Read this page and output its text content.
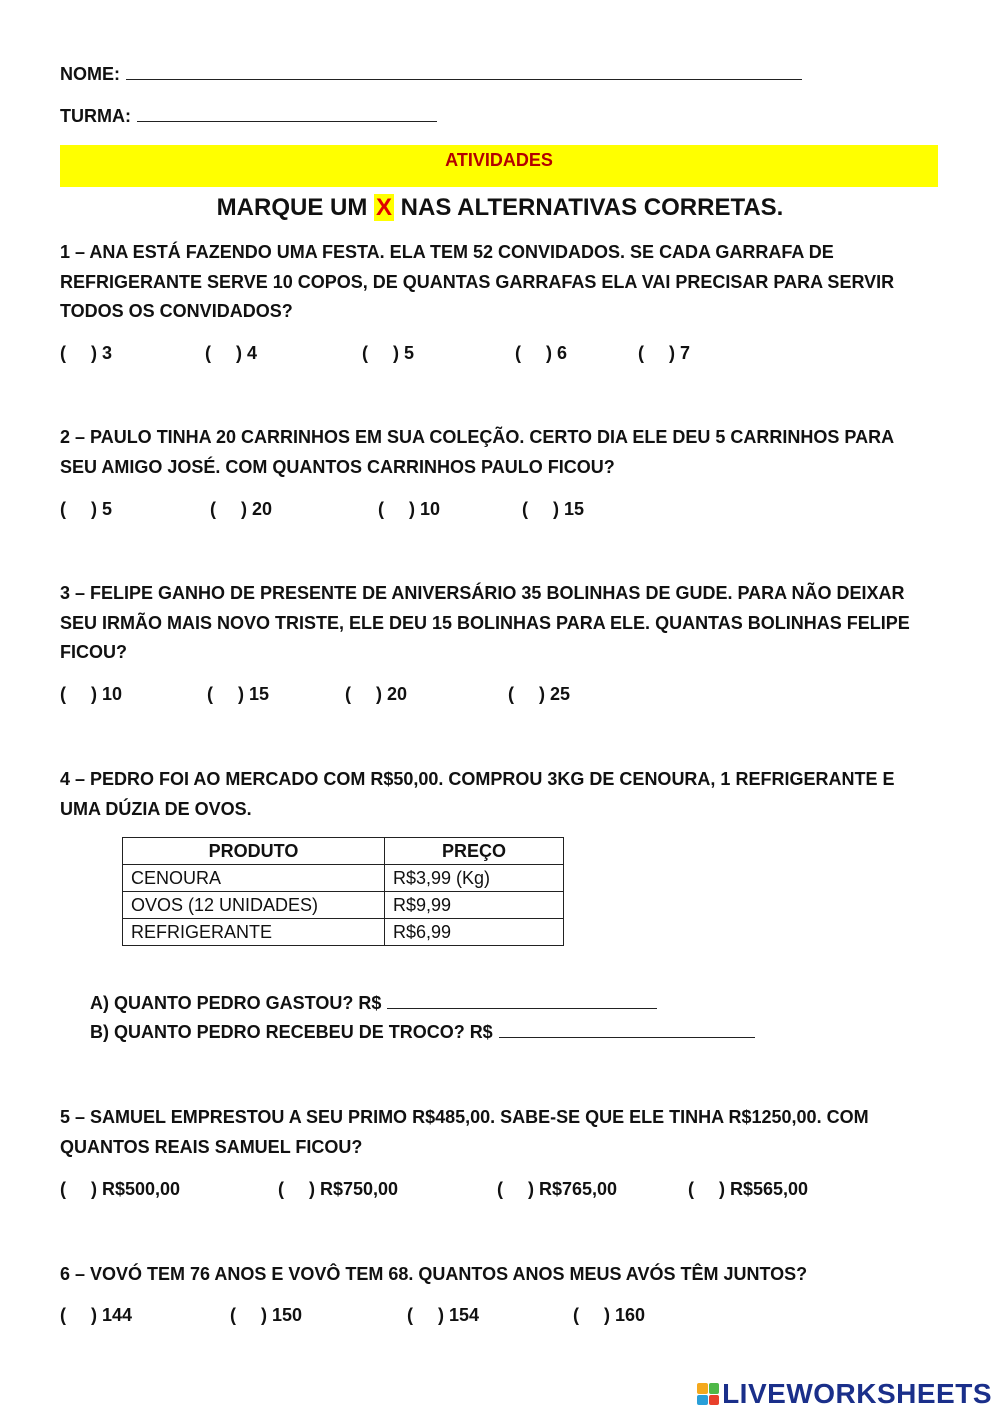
NOME:
TURMA:
ATIVIDADES
MARQUE UM X NAS ALTERNATIVAS CORRETAS.
1 – ANA ESTÁ FAZENDO UMA FESTA. ELA TEM 52 CONVIDADOS. SE CADA GARRAFA DE
REFRIGERANTE SERVE 10 COPOS, DE QUANTAS GARRAFAS ELA VAI PRECISAR PARA SERVIR
TODOS OS CONVIDADOS?
(     ) 3	(     ) 4	(     ) 5	(     ) 6	(     ) 7
2 – PAULO TINHA 20 CARRINHOS EM SUA COLEÇÃO. CERTO DIA ELE DEU 5 CARRINHOS PARA
SEU AMIGO JOSÉ. COM QUANTOS CARRINHOS PAULO FICOU?
(     ) 5	(     ) 20	(     ) 10	(     ) 15
3 – FELIPE GANHO DE PRESENTE DE ANIVERSÁRIO 35 BOLINHAS DE GUDE. PARA NÃO DEIXAR
SEU IRMÃO MAIS NOVO TRISTE, ELE DEU 15 BOLINHAS PARA ELE. QUANTAS BOLINHAS FELIPE
FICOU?
(     ) 10	(     ) 15	(     ) 20	(     ) 25
4 – PEDRO FOI AO MERCADO COM R$50,00. COMPROU 3KG DE CENOURA, 1 REFRIGERANTE E
UMA DÚZIA DE OVOS.
PRODUTO	PREÇO
CENOURA	R$3,99 (Kg)
OVOS (12 UNIDADES)	R$9,99
REFRIGERANTE	R$6,99
A) QUANTO PEDRO GASTOU? R$
B) QUANTO PEDRO RECEBEU DE TROCO? R$
5 – SAMUEL EMPRESTOU A SEU PRIMO R$485,00. SABE-SE QUE ELE TINHA R$1250,00. COM
QUANTOS REAIS SAMUEL FICOU?
(     ) R$500,00	(     ) R$750,00	(     ) R$765,00	(     ) R$565,00
6 – VOVÓ TEM 76 ANOS E VOVÔ TEM 68. QUANTOS ANOS MEUS AVÓS TÊM JUNTOS?
(     ) 144	(     ) 150	(     ) 154	(     ) 160
LIVEWORKSHEETS
